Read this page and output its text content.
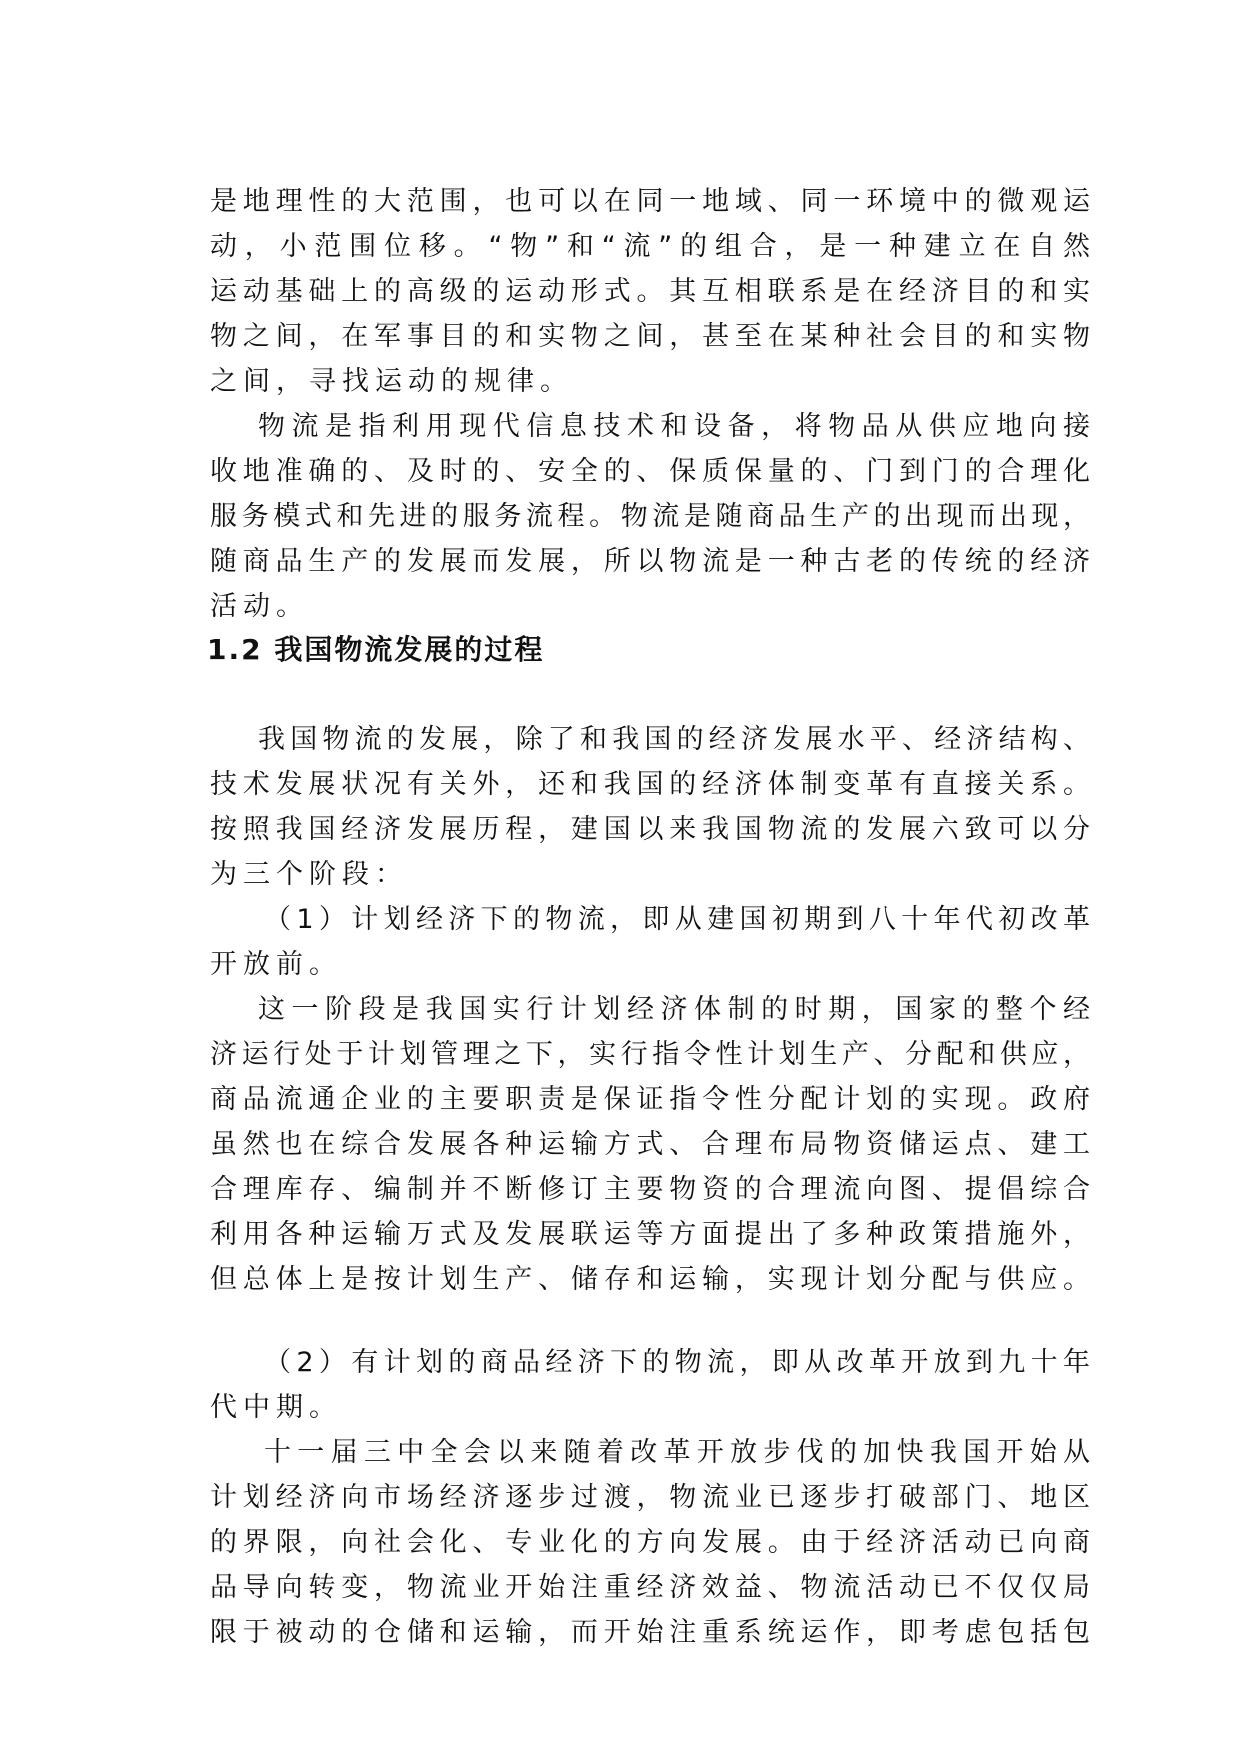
是地理性的大范围，也可以在同一地域、同一环境中的微观运
动，小范围位移。“物”和“流”的组合，是一种建立在自然
运动基础上的高级的运动形式。其互相联系是在经济目的和实
物之间，在军事目的和实物之间，甚至在某种社会目的和实物
之间，寻找运动的规律。
物流是指利用现代信息技术和设备，将物品从供应地向接
收地准确的、及时的、安全的、保质保量的、门到门的合理化
服务模式和先进的服务流程。物流是随商品生产的出现而出现，
随商品生产的发展而发展，所以物流是一种古老的传统的经济
活动。
1.2 我国物流发展的过程
我国物流的发展，除了和我国的经济发展水平、经济结构、
技术发展状况有关外，还和我国的经济体制变革有直接关系。
按照我国经济发展历程，建国以来我国物流的发展六致可以分
为三个阶段：
（1）计划经济下的物流，即从建国初期到八十年代初改革
开放前。
这一阶段是我国实行计划经济体制的时期，国家的整个经
济运行处于计划管理之下，实行指令性计划生产、分配和供应，
商品流通企业的主要职责是保证指令性分配计划的实现。政府
虽然也在综合发展各种运输方式、合理布局物资储运点、建工
合理库存、编制并不断修订主要物资的合理流向图、提倡综合
利用各种运输万式及发展联运等方面提出了多种政策措施外，
但总体上是按计划生产、储存和运输，实现计划分配与供应。
（2）有计划的商品经济下的物流，即从改革开放到九十年
代中期。
十一届三中全会以来随着改革开放步伐的加快我国开始从
计划经济向市场经济逐步过渡，物流业已逐步打破部门、地区
的界限，向社会化、专业化的方向发展。由于经济活动已向商
品导向转变，物流业开始注重经济效益、物流活动已不仅仅局
限于被动的仓储和运输，而开始注重系统运作，即考虑包括包
